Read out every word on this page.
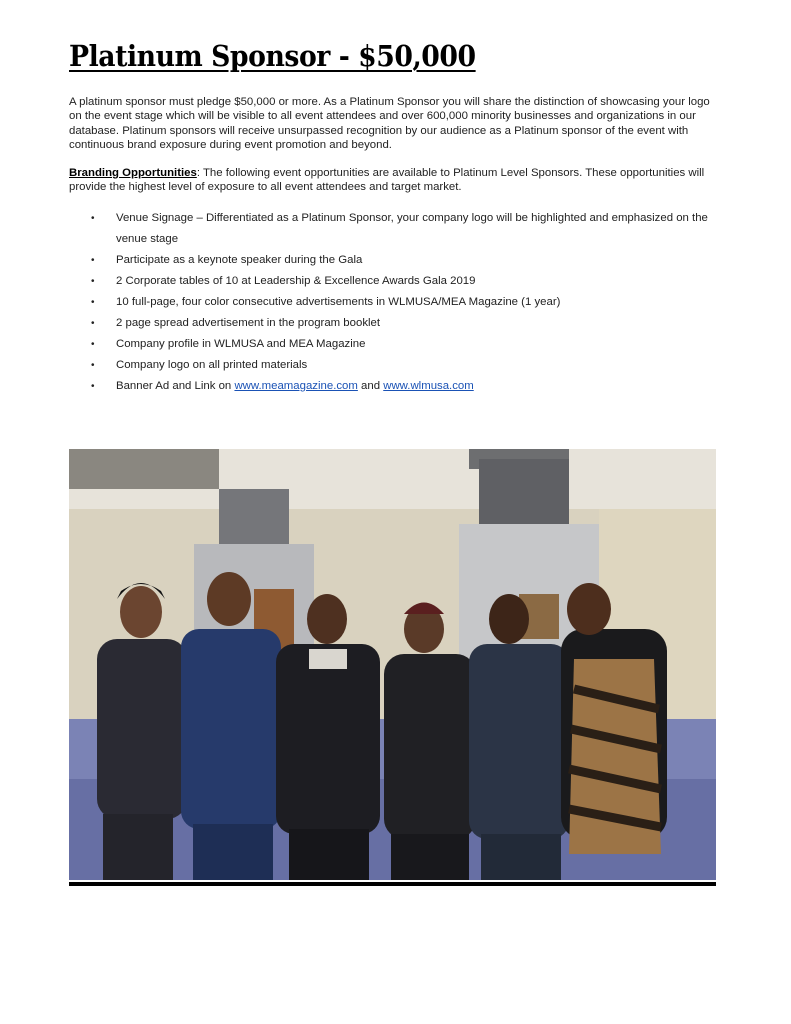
Platinum Sponsor - $50,000

A platinum sponsor must pledge $50,000 or more. As a Platinum Sponsor you will share the distinction of showcasing your logo on the event stage which will be visible to all event attendees and over 600,000 minority businesses and organizations in our database. Platinum sponsors will receive unsurpassed recognition by our audience as a Platinum sponsor of the event with continuous brand exposure during event promotion and beyond.

Branding Opportunities: The following event opportunities are available to Platinum Level Sponsors. These opportunities will provide the highest level of exposure to all event attendees and target market.

• Venue Signage – Differentiated as a Platinum Sponsor, your company logo will be highlighted and emphasized on the venue stage
• Participate as a keynote speaker during the Gala
• 2 Corporate tables of 10 at Leadership & Excellence Awards Gala 2019
• 10 full-page, four color consecutive advertisements in WLMUSA/MEA Magazine (1 year)
• 2 page spread advertisement in the program booklet
• Company profile in WLMUSA and MEA Magazine
• Company logo on all printed materials
• Banner Ad and Link on www.meamagazine.com and www.wlmusa.com
